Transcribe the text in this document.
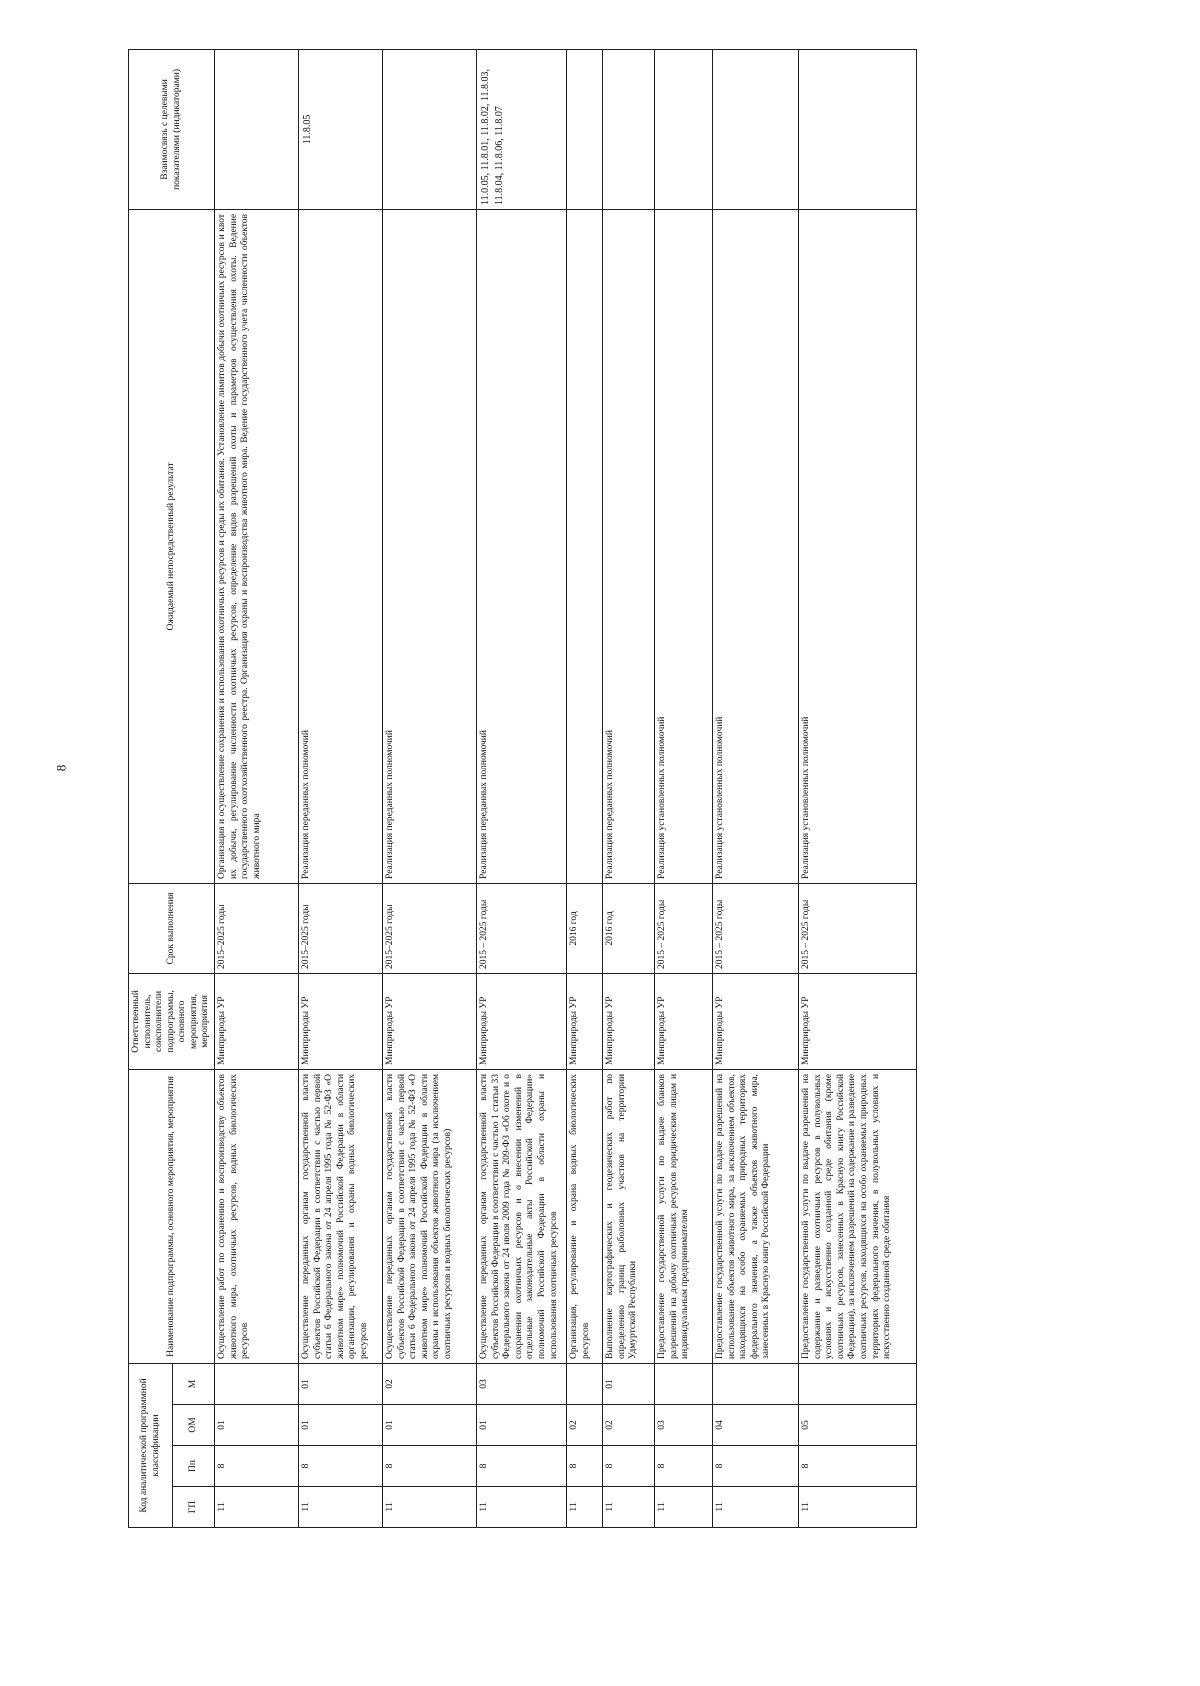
8
Код аналитической программной классификации				Наименование подпрограммы, основного мероприятия, мероприятия	Ответственный исполнитель, соисполнители подпрограммы, основного мероприятия, мероприятия	Срок выполнения	Ожидаемый непосредственный результат	Взаимосвязь с целевыми показателями (индикаторами)
ГП	Пп	ОМ	М					
11	8	01		Осуществление работ по сохранению и воспроизводству объектов животного мира, охотничьих ресурсов, водных биологических ресурсов	Минприроды УР	2015–2025 годы	Организация и осуществление сохранения и использования охотничьих ресурсов и среды их обитания. Установление лимитов добычи охотничьих ресурсов и квот их добычи, регулирование численности охотничьих ресурсов, определение видов разрешений охоты и параметров осуществления охоты. Ведение государственного охотхозяйственного реестра. Организация охраны и воспроизводства животного мира. Ведение государственного учета численности объектов животного мира	
11	8	01	01	Осуществление переданных органам государственной власти субъектов Российской Федерации в соответствии с частью первой статьи 6 Федерального закона от 24 апреля 1995 года № 52-ФЗ «О животном мире» полномочий Российской Федерации в области организации, регулирования и охраны водных биологических ресурсов	Минприроды УР	2015–2025 годы	Реализация переданных полномочий	11.8.05
11	8	01	02	Осуществление переданных органам государственной власти субъектов Российской Федерации в соответствии с частью первой статьи 6 Федерального закона от 24 апреля 1995 года № 52-ФЗ «О животном мире» полномочий Российской Федерации в области охраны и использования объектов животного мира (за исключением охотничьих ресурсов и водных биологических ресурсов)	Минприроды УР	2015–2025 годы	Реализация переданных полномочий	
11	8	01	03	Осуществление переданных органам государственной власти субъектов Российской Федерации в соответствии с частью 1 статьи 33 Федерального закона от 24 июля 2009 года № 209-ФЗ «Об охоте и о сохранении охотничьих ресурсов и о внесении изменений в отдельные законодательные акты Российской Федерации» полномочий Российской Федерации в области охраны и использования охотничьих ресурсов	Минприроды УР	2015 – 2025 годы	Реализация переданных полномочий	11.0.05, 11.8.01, 11.8.02, 11.8.03, 11.8.04, 11.8.06, 11.8.07
11	8	02		Организация, регулирование и охрана водных биологических ресурсов	Минприроды УР	2016 год		
11	8	02	01	Выполнение картографических и геодезических работ по определению границ рыболовных участков на территории Удмуртской Республики	Минприроды УР	2016 год	Реализация переданных полномочий	
11	8	03		Предоставление государственной услуги по выдаче бланков разрешений на добычу охотничьих ресурсов юридическим лицам и индивидуальным предпринимателям	Минприроды УР	2015 – 2025 годы	Реализация установленных полномочий	
11	8	04		Предоставление государственной услуги по выдаче разрешений на использование объектов животного мира, за исключением объектов, находящихся на особо охраняемых природных территориях федерального значения, а также объектов животного мира, занесенных в Красную книгу Российской Федерации	Минприроды УР	2015 – 2025 годы	Реализация установленных полномочий	
11	8	05		Предоставление государственной услуги по выдаче разрешений на содержание и разведение охотничьих ресурсов в полувольных условиях и искусственно созданной среде обитания (кроме охотничьих ресурсов, занесенных в Красную книгу Российской Федерации), за исключением разрешений на содержание и разведение охотничьих ресурсов, находящихся на особо охраняемых природных территориях федерального значения, в полувольных условиях и искусственно созданной среде обитания	Минприроды УР	2015 – 2025 годы	Реализация установленных полномочий	
